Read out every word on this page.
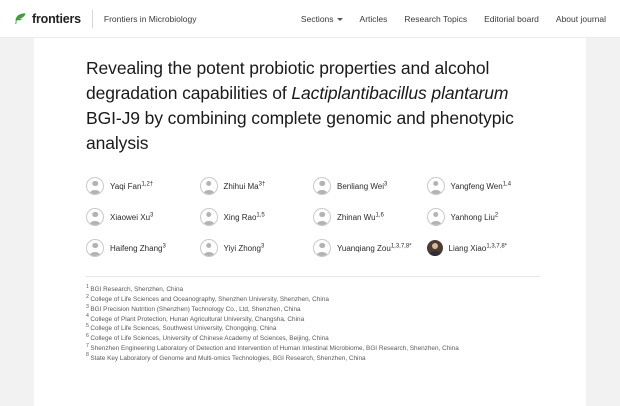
frontiers	Frontiers in Microbiology	Sections	Articles Research Topics Editorial board About journal
Revealing the potent probiotic properties and alcohol degradation capabilities of Lactiplantibacillus plantarum BGI-J9 by combining complete genomic and phenotypic analysis
Yaqi Fan$^{1,2\dagger}$	Zhihui $Ma^{3\dagger}$	Benliang Wei$^3$	Yangfeng Wen$^{1,4}$
Xiaowei Xu$^3$	Xing Rao$^{1,5}$	Zhinan Wu$^{1,6}$	Yanhong Liu$^2$
Haifeng Zhang$^3$	Yiyi Zhong$^3$	Yuanqiang Zou$^{1,3,7,8*}$	Liang Xiao$^{1,3,7,8*}$
$^1$ BGI Research, Shenzhen, China
$^2$ College of Life Sciences and Oceanography, Shenzhen University, Shenzhen, China
$^3$ BGI Precision Nutrition (Shenzhen) Technology Co., Ltd, Shenzhen, China
$^4$ College of Plant Protection, Hunan Agricultural University, Changsha, China
$^5$ College of Life Sciences, Southwest University, Chongqing, China
$^6$ College of Life Sciences, University of Chinese Academy of Sciences, Beijing, China
$^7$ Shenzhen Engineering Laboratory of Detection and Intervention of Human Intestinal Microbiome, BGI Research, Shenzhen, China
$^8$ State Key Laboratory of Genome and Multi-omics Technologies, BGI Research, Shenzhen, China
